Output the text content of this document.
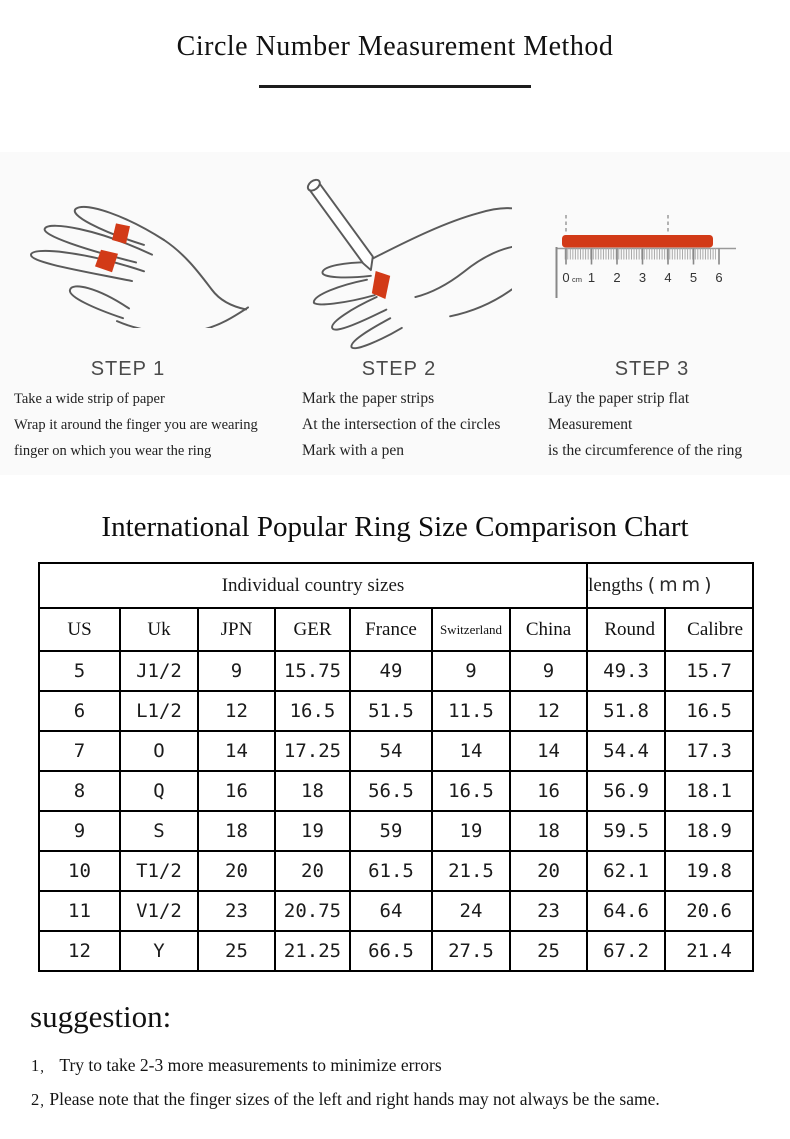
Circle Number Measurement Method
STEP 1
Take a wide strip of paper
Wrap it around the finger you are wearing
finger on which you wear the ring
STEP 2
Mark the paper strips
At the intersection of the circles
Mark with a pen
0 cm 1 2 3 4 5 6
STEP 3
Lay the paper strip flat
Measurement
is the circumference of the ring
International Popular Ring Size Comparison Chart
Individual country sizes							lengths (mm)	
US	Uk	JPN	GER	France	Switzerland	China	Round	Calibre
5	J1/2	9	15.75	49	9	9	49.3	15.7
6	L1/2	12	16.5	51.5	11.5	12	51.8	16.5
7	O	14	17.25	54	14	14	54.4	17.3
8	Q	16	18	56.5	16.5	16	56.9	18.1
9	S	18	19	59	19	18	59.5	18.9
10	T1/2	20	20	61.5	21.5	20	62.1	19.8
11	V1/2	23	20.75	64	24	23	64.6	20.6
12	Y	25	21.25	66.5	27.5	25	67.2	21.4
suggestion:
1 , Try to take 2-3 more measurements to minimize errors
2 , Please note that the finger sizes of the left and right hands may not always be the same.
